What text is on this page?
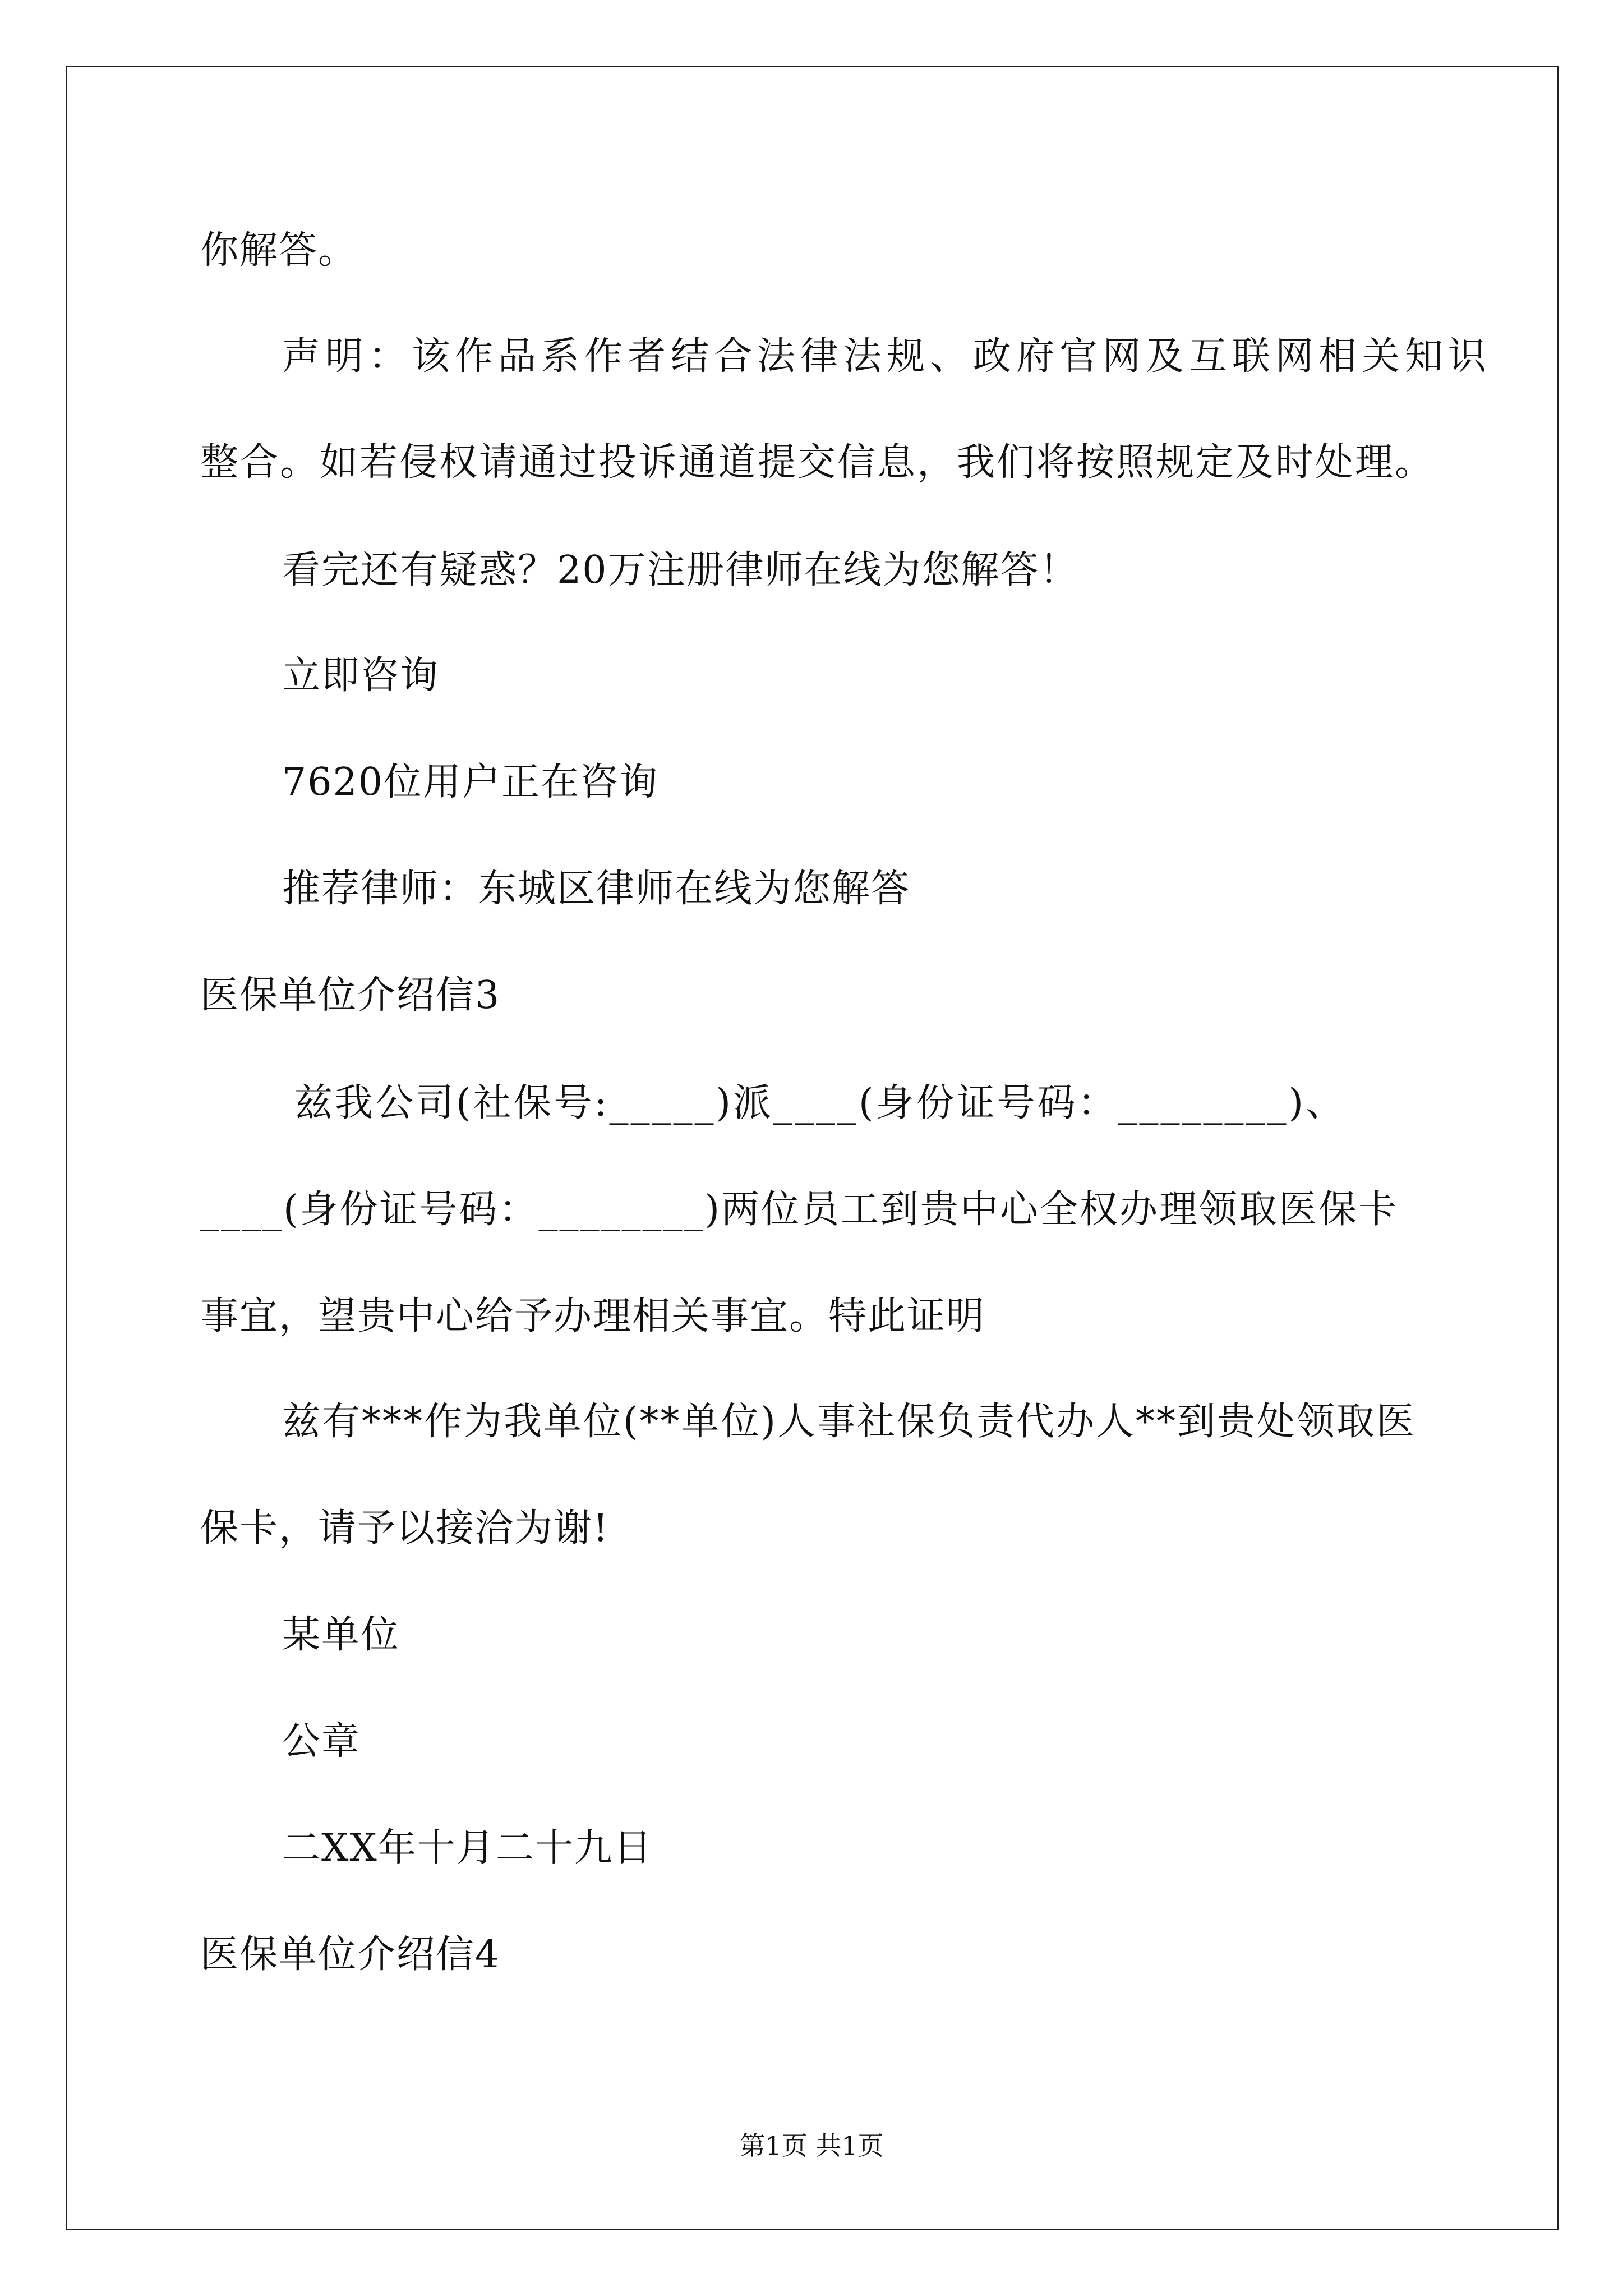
你解答。
声明：该作品系作者结合法律法规、政府官网及互联网相关知识
整合。如若侵权请通过投诉通道提交信息，我们将按照规定及时处理。
看完还有疑惑？20万注册律师在线为您解答！
立即咨询
7620位用户正在咨询
推荐律师：东城区律师在线为您解答
医保单位介绍信3
兹我公司(社保号:_____)派____(身份证号码：________)、
____(身份证号码：________)两位员工到贵中心全权办理领取医保卡
事宜，望贵中心给予办理相关事宜。特此证明
兹有***作为我单位(**单位)人事社保负责代办人**到贵处领取医
保卡，请予以接洽为谢!
某单位
公章
二XX年十月二十九日
医保单位介绍信4
第1页 共1页
